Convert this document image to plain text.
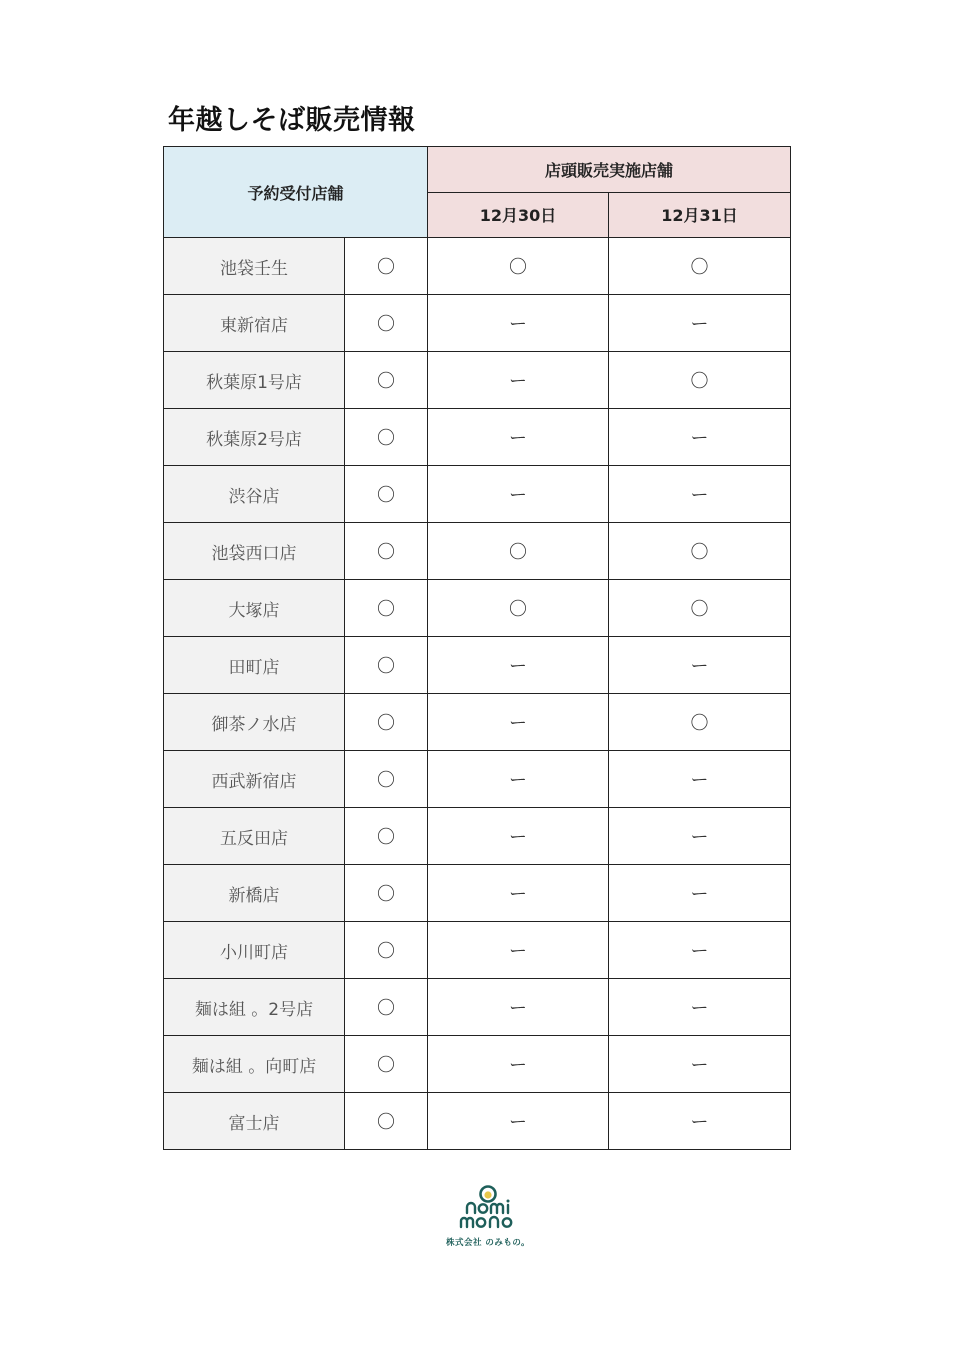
年越しそば販売情報
予約受付店舗		店頭販売実施店舗	
		12月30日	12月31日
池袋壬生	〇	〇	〇
東新宿店	〇	ー	ー
秋葉原1号店	〇	ー	〇
秋葉原2号店	〇	ー	ー
渋谷店	〇	ー	ー
池袋西口店	〇	〇	〇
大塚店	〇	〇	〇
田町店	〇	ー	ー
御茶ノ水店	〇	ー	〇
西武新宿店	〇	ー	ー
五反田店	〇	ー	ー
新橋店	〇	ー	ー
小川町店	〇	ー	ー
麺は組 。2号店	〇	ー	ー
麺は組 。向町店	〇	ー	ー
富士店	〇	ー	ー
株式会社 のみもの。
